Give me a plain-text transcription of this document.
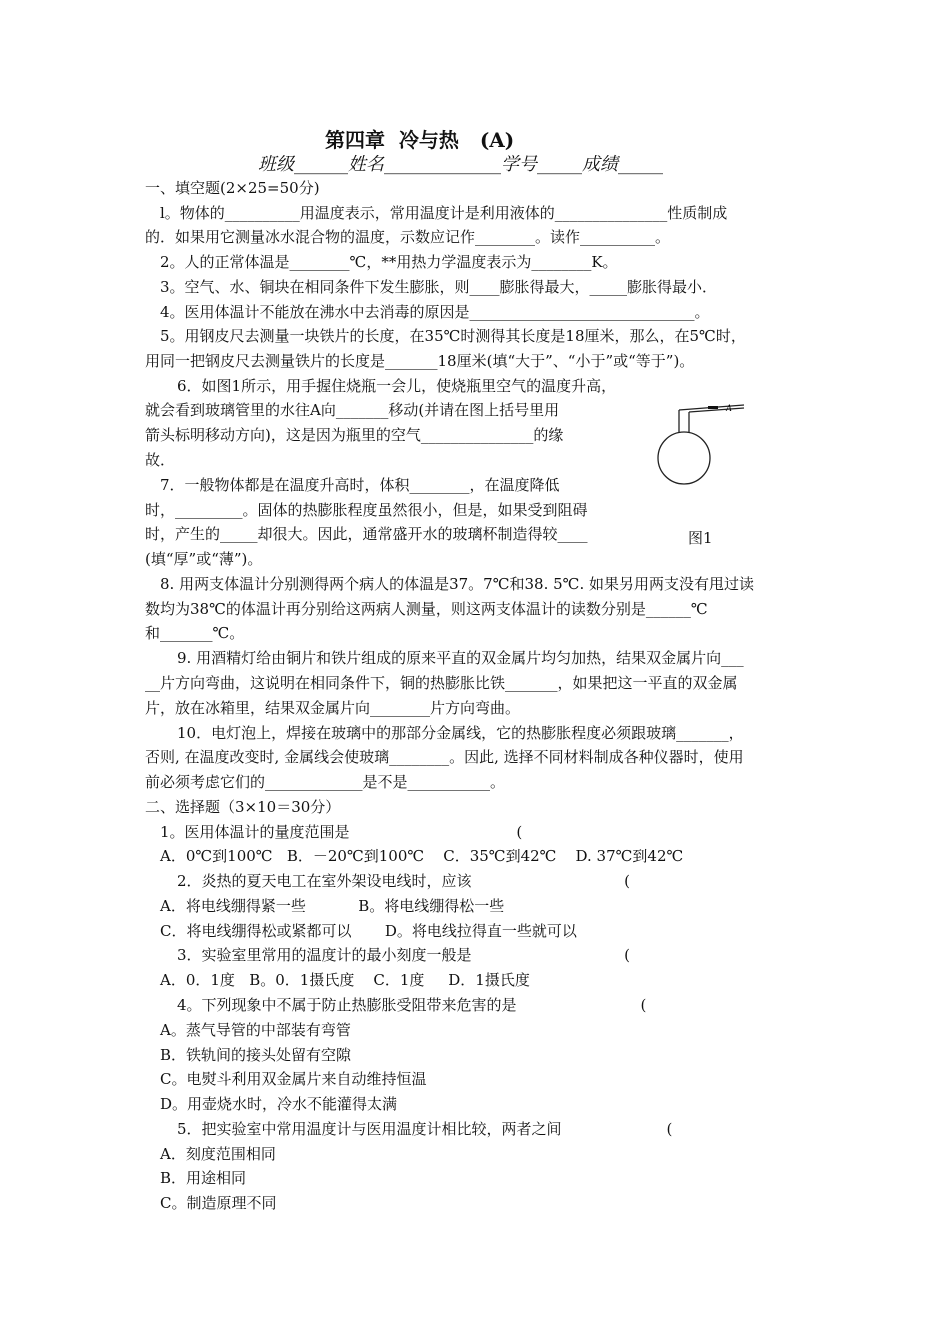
第四章  冷与热   (A)
班级______姓名_____________学号_____成绩_____
一、填空题(2×25=50分)
l。物体的__________用温度表示，常用温度计是利用液体的_______________性质制成
的．如果用它测量冰水混合物的温度，示数应记作________。读作__________。
2。人的正常体温是________℃，**用热力学温度表示为________K。
3。空气、水、铜块在相同条件下发生膨胀，则____膨胀得最大，_____膨胀得最小．
4。医用体温计不能放在沸水中去消毒的原因是______________________________。
5。用钢皮尺去测量一块铁片的长度，在35℃时测得其长度是18厘米，那么，在5℃时，
用同一把钢皮尺去测量铁片的长度是_______18厘米(填“大于”、“小于”或“等于”)。
6．如图1所示，用手握住烧瓶一会儿，使烧瓶里空气的温度升高，
就会看到玻璃管里的水往A向_______移动(并请在图上括号里用
箭头标明移动方向)，这是因为瓶里的空气_______________的缘
故．
7．一般物体都是在温度升高时，体积________，在温度降低
时，_________。固体的热膨胀程度虽然很小，但是，如果受到阻碍
时，产生的_____却很大。因此，通常盛开水的玻璃杯制造得较____
(填“厚”或“薄”)。
8. 用两支体温计分别测得两个病人的体温是37。7℃和38. 5℃. 如果另用两支没有甩过读
数均为38℃的体温计再分别给这两病人测量，则这两支体温计的读数分别是______℃
和_______℃。
9. 用酒精灯给由铜片和铁片组成的原来平直的双金属片均匀加热，结果双金属片向___
__片方向弯曲，这说明在相同条件下，铜的热膨胀比铁_______，如果把这一平直的双金属
片，放在冰箱里，结果双金属片向________片方向弯曲。
10．电灯泡上，焊接在玻璃中的那部分金属线，它的热膨胀程度必须跟玻璃_______，
否则, 在温度改变时, 金属线会使玻璃________。因此, 选择不同材料制成各种仪器时，使用
前必须考虑它们的_____________是不是___________。
A
图1
二、选择题（3×10＝30分）
1。医用体温计的量度范围是                                   (
A．0℃到100℃   B．－20℃到100℃    C．35℃到42℃    D. 37℃到42℃
2．炎热的夏天电工在室外架设电线时，应该                                (
A．将电线绷得紧一些           B。将电线绷得松一些
C．将电线绷得松或紧都可以       D。将电线拉得直一些就可以
3．实验室里常用的温度计的最小刻度一般是                                (
A．0．1度   B。0．1摄氏度    C．1度     D．1摄氏度
4。下列现象中不属于防止热膨胀受阻带来危害的是                          (
A。蒸气导管的中部装有弯管
B．铁轨间的接头处留有空隙
C。电熨斗利用双金属片来自动维持恒温
D。用壶烧水时，冷水不能灌得太满
5．把实验室中常用温度计与医用温度计相比较，两者之间                      (
A．刻度范围相同
B．用途相同
C。制造原理不同
